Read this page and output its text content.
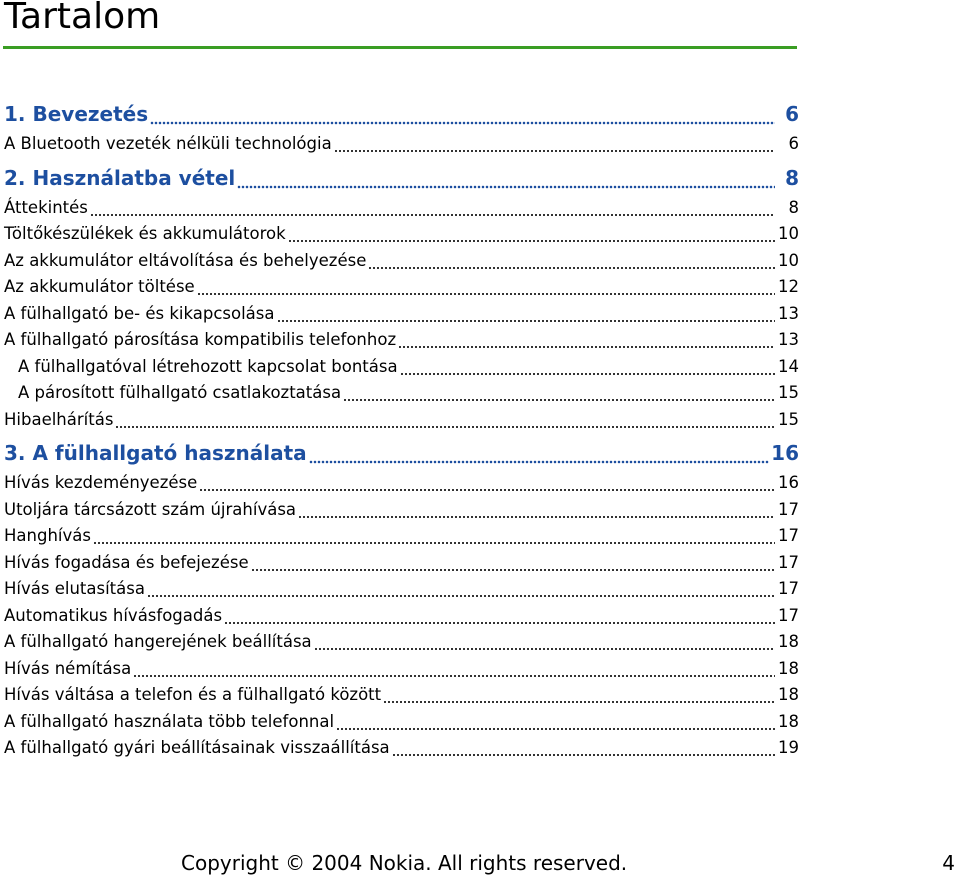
Tartalom
1. Bevezetés	6
A Bluetooth vezeték nélküli technológia	6
2. Használatba vétel	8
Áttekintés	8
Töltőkészülékek és akkumulátorok	10
Az akkumulátor eltávolítása és behelyezése	10
Az akkumulátor töltése	12
A fülhallgató be- és kikapcsolása	13
A fülhallgató párosítása kompatibilis telefonhoz	13
A fülhallgatóval létrehozott kapcsolat bontása	14
A párosított fülhallgató csatlakoztatása	15
Hibaelhárítás	15
3. A fülhallgató használata	16
Hívás kezdeményezése	16
Utoljára tárcsázott szám újrahívása	17
Hanghívás	17
Hívás fogadása és befejezése	17
Hívás elutasítása	17
Automatikus hívásfogadás	17
A fülhallgató hangerejének beállítása	18
Hívás némítása	18
Hívás váltása a telefon és a fülhallgató között	18
A fülhallgató használata több telefonnal	18
A fülhallgató gyári beállításainak visszaállítása	19
Copyright © 2004 Nokia. All rights reserved.	4
